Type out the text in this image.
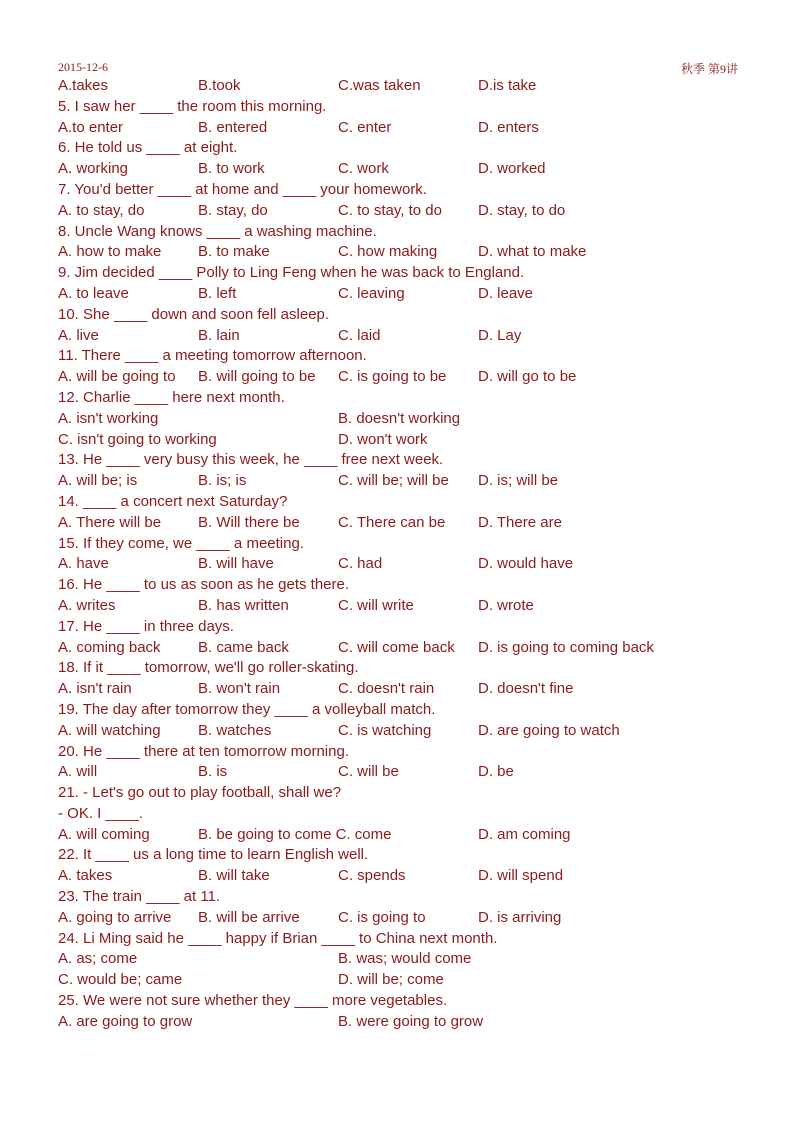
2015-12-6	秋季 第9讲
A.takes	B.took	C.was taken	D.is take
5. I saw her ____ the room this morning.
A.to enter	B. entered	C. enter	D. enters
6. He told us ____ at eight.
A. working	B. to work	C. work	D. worked
7. You'd better ____ at home and ____ your homework.
A. to stay, do	B. stay, do	C. to stay, to do	D. stay, to do
8. Uncle Wang knows ____ a washing machine.
A. how to make	B. to make	C. how making	D. what to make
9. Jim decided ____ Polly to Ling Feng when he was back to England.
A. to leave	B. left	C. leaving	D. leave
10. She ____ down and soon fell asleep.
A. live	B. lain	C. laid	D. Lay
11. There ____ a meeting tomorrow afternoon.
A. will be going to	B. will going to be	C. is going to be	D. will go to be
12. Charlie ____ here next month.
A. isn't working	B. doesn't working
C. isn't going to working	D. won't work
13. He ____ very busy this week, he ____ free next week.
A. will be; is	B. is; is	C. will be; will be	D. is; will be
14. ____ a concert next Saturday?
A. There will be	B. Will there be	C. There can be	D. There are
15. If they come, we ____ a meeting.
A. have	B. will have	C. had	D. would have
16. He ____ to us as soon as he gets there.
A. writes	B. has written	C. will write	D. wrote
17. He ____ in three days.
A. coming back	B. came back	C. will come back	D. is going to coming back
18. If it ____ tomorrow, we'll go roller-skating.
A. isn't rain	B. won't rain	C. doesn't rain	D. doesn't fine
19. The day after tomorrow they ____ a volleyball match.
A. will watching	B. watches	C. is watching	D. are going to watch
20. He ____ there at ten tomorrow morning.
A. will	B. is	C. will be	D. be
21. - Let's go out to play football, shall we?
- OK. I ____.
A. will coming	B. be going to come C. come	D. am coming
22. It ____ us a long time to learn English well.
A. takes	B. will take	C. spends	D. will spend
23. The train ____ at 11.
A. going to arrive	B. will be arrive	C. is going to	D. is arriving
24. Li Ming said he ____ happy if Brian ____ to China next month.
A. as; come	B. was; would come
C. would be; came	D. will be; come
25. We were not sure whether they ____ more vegetables.
A. are going to grow	B. were going to grow
